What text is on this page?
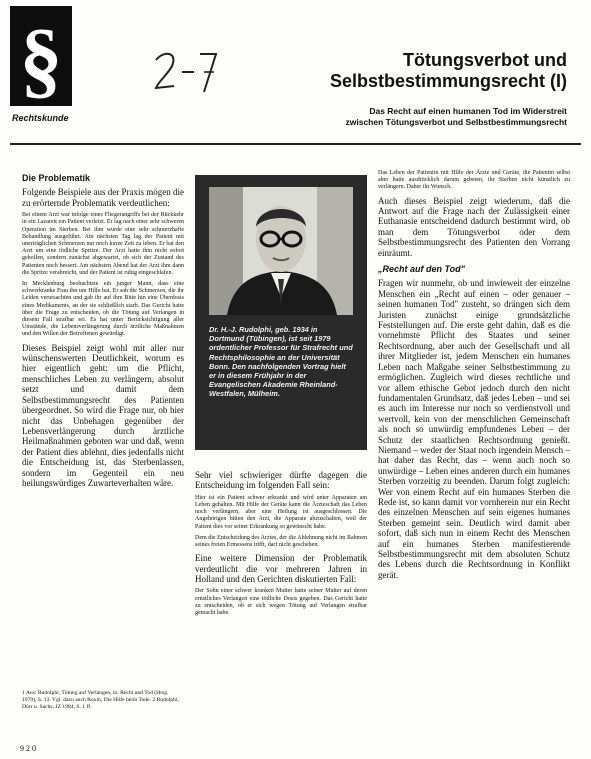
§
Rechtskunde
Tötungsverbot und
Selbstbestimmungsrecht (I)
Das Recht auf einen humanen Tod im Widerstreit
zwischen Tötungsverbot und Selbstbestimmungsrecht
Die Problematik

Folgende Beispiele aus der Praxis mögen die zu erörternde Problematik verdeutlichen:

Bei einem Arzt war infolge eines Fliegerangriffs bei der Rückkehr in ein Lazarett ein Patient verletzt. Er lag nach einer sehr schweren Operation im Sterben. Bei ihm wurde eine sehr schmerzhafte Behandlung ausgeführt. Am nächsten Tag lag der Patient mit unerträglichen Schmerzen nur noch kurze Zeit zu leben. Er bat den Arzt um eine tödliche Spritze. Der Arzt hatte ihm nicht sofort geholfen, sondern zunächst abgewartet, ob sich der Zustand des Patienten noch bessert. Am nächsten Abend hat der Arzt ihm dann die Spritze verabreicht, und der Patient ist ruhig eingeschlafen.

In Mecklenburg beobachtete ein junger Mann, dass eine schwerkranke Frau ihn um Hilfe bat. Er sah die Schmerzen, die ihr Leiden verursachten und gab ihr auf ihre Bitte hin eine Überdosis eines Medikaments, an der sie schließlich starb. Das Gericht hatte über die Frage zu entscheiden, ob die Tötung auf Verlangen in diesem Fall strafbar sei. Es hat unter Berücksichtigung aller Umstände, die Lebensverlängerung durch ärztliche Maßnahmen und den Willen der Betroffenen gewürdigt.

Dieses Beispiel zeigt wohl mit aller nur wünschenswerten Deutlichkeit, worum es hier eigentlich geht: um die Pflicht, menschliches Leben zu verlängern, absolut setzt und damit dem Selbstbestimmungsrecht des Patienten übergeordnet. So wird die Frage nur, ob hier nicht das Unbehagen gegenüber der Lebensverlängerung durch ärztliche Heilmaßnahmen geboten war und daß, wenn der Patient dies ablehnt, dies jedenfalls nicht die Entscheidung ist, das Sterbenlassen, sondern im Gegenteil ein neu heilungswürdiges Zuwarteverhalten wäre.

1 Aus: Rudolphi, Tötung auf Verlangen, in: Recht und Tod (Hrsg. 1979), S. 13. Vgl. dazu auch Roxin, Die Hilfe beim Tode. 2 Rudolphi, Dörr u. Sachs, JZ 1984, S. 1 ff.
9 2 0
Dr. H.-J. Rudolphi, geb. 1934 in Dortmund (Tübingen), ist seit 1979 ordentlicher Professor für Strafrecht und Rechtsphilosophie an der Universität Bonn. Den nachfolgenden Vortrag hielt er in diesem Frühjahr in der Evangelischen Akademie Rheinland-Westfalen, Mülheim.

Sehr viel schwieriger dürfte dagegen die Entscheidung im folgenden Fall sein:

Hier ist ein Patient schwer erkrankt und wird unter Apparaten am Leben gehalten. Mit Hilfe der Geräte kann die Ärzteschaft das Leben noch verlängern, aber eine Heilung ist ausgeschlossen. Die Angehörigen bitten den Arzt, die Apparate abzuschalten, weil der Patient dies vor seiner Erkrankung so gewünscht habe.

Dem die Entscheidung des Arztes, der die Ablehnung nicht im Rahmen seines freien Ermessens trifft, darf nicht geschehen.

Eine weitere Dimension der Problematik verdeutlicht die vor mehreren Jahren in Holland und den Gerichten diskutierten Fall:

Der Sohn einer schwer kranken Mutter hatte seiner Mutter auf deren ernstliches Verlangen eine tödliche Dosis gegeben. Das Gericht hatte zu entscheiden, ob er sich wegen Tötung auf Verlangen strafbar gemacht habe.

Das Leben der Patientin mit Hilfe der Ärzte und Geräte, die Patientin selbst aber hatte ausdrücklich darum gebeten, ihr Sterben nicht künstlich zu verlängern. Daher ihr Wunsch.

Auch dieses Beispiel zeigt wiederum, daß die Antwort auf die Frage nach der Zulässigkeit einer Euthanasie entscheidend dadurch bestimmt wird, ob man dem Tötungsverbot oder dem Selbstbestimmungsrecht des Patienten den Vorrang einräumt.

„Recht auf den Tod"

Fragen wir nunmehr, ob und inwieweit der einzelne Menschen ein „Recht auf einen – oder genauer – seinen humanen Tod" zusteht, so drängen sich dem Juristen zunächst einige grundsätzliche Feststellungen auf. Die erste geht dahin, daß es die vornehmste Pflicht des Staates und seiner Rechtsordnung, aber auch der Gesellschaft und all ihrer Mitglieder ist, jedem Menschen ein humanes Leben nach Maßgabe seiner Selbstbestimmung zu ermöglichen. Zugleich wird dieses rechtliche und vor allem ethische Gebot jedoch durch den nicht fundamentalen Grundsatz, daß jedes Leben – und sei es auch im Interesse nur noch so verdienstvoll und wertvoll, kein von der menschlichen Gemeinschaft als noch so unwürdig empfundenes Leben – der Schutz der staatlichen Rechtsordnung genießt. Niemand – weder der Staat noch irgendein Mensch – hat daher das Recht, das – wenn auch noch so unwürdige – Leben eines anderen durch ein humanes Sterben vorzeitig zu beenden. Darum folgt zugleich: Wer von einem Recht auf ein humanes Sterben die Rede ist, so kann damit vor vornherein nur ein Recht des einzelnen Menschen auf sein eigenes humanes Sterben gemeint sein. Deutlich wird damit aber sofort, daß sich nun in einem Recht des Menschen auf ein humanes Sterben manifestierende Selbstbestimmungsrecht mit dem absoluten Schutz des Lebens durch die Rechtsordnung in Konflikt gerät.
